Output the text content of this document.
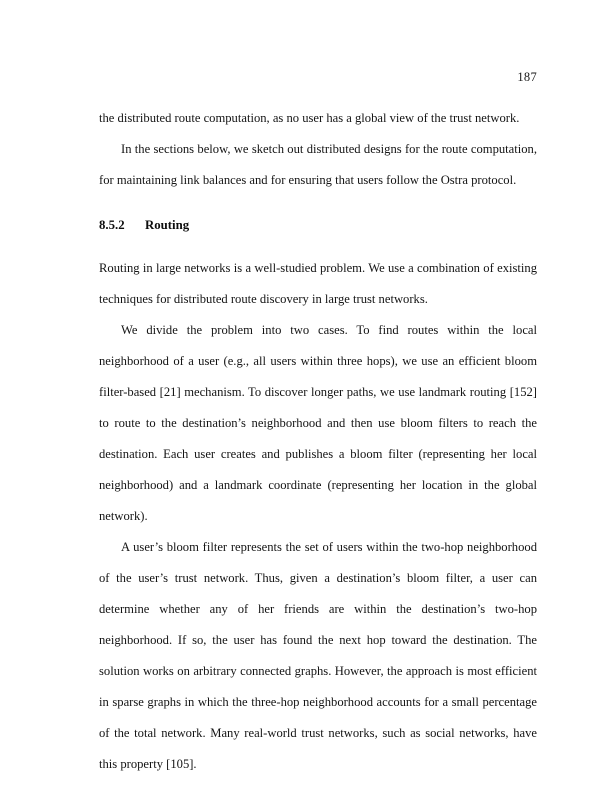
187

the distributed route computation, as no user has a global view of the trust network.

In the sections below, we sketch out distributed designs for the route computation, for maintaining link balances and for ensuring that users follow the Ostra protocol.

8.5.2 Routing

Routing in large networks is a well-studied problem. We use a combination of existing techniques for distributed route discovery in large trust networks.

We divide the problem into two cases. To find routes within the local neighborhood of a user (e.g., all users within three hops), we use an efficient bloom filter-based [21] mechanism. To discover longer paths, we use landmark routing [152] to route to the destination’s neighborhood and then use bloom filters to reach the destination. Each user creates and publishes a bloom filter (representing her local neighborhood) and a landmark coordinate (representing her location in the global network).

A user’s bloom filter represents the set of users within the two-hop neighborhood of the user’s trust network. Thus, given a destination’s bloom filter, a user can determine whether any of her friends are within the destination’s two-hop neighborhood. If so, the user has found the next hop toward the destination. The solution works on arbitrary connected graphs. However, the approach is most efficient in sparse graphs in which the three-hop neighborhood accounts for a small percentage of the total network. Many real-world trust networks, such as social networks, have this property [105].
